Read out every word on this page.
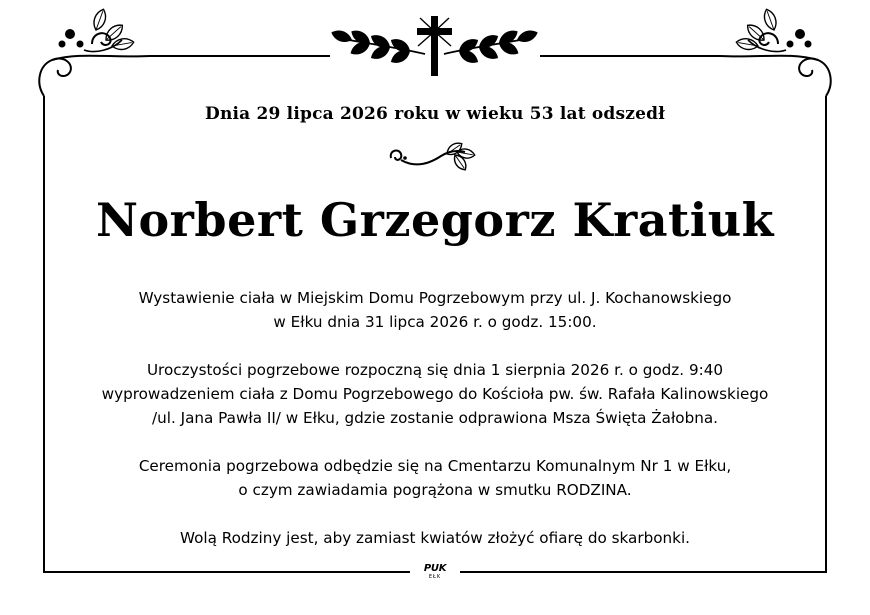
Dnia 29 lipca 2026 roku w wieku 53 lat odszedł

Norbert Grzegorz Kratiuk

Wystawienie ciała w Miejskim Domu Pogrzebowym przy ul. J. Kochanowskiego
w Ełku dnia 31 lipca 2026 r. o godz. 15:00.

Uroczystości pogrzebowe rozpoczną się dnia 1 sierpnia 2026 r. o godz. 9:40
wyprowadzeniem ciała z Domu Pogrzebowego do Kościoła pw. św. Rafała Kalinowskiego
/ul. Jana Pawła II/ w Ełku, gdzie zostanie odprawiona Msza Święta Żałobna.

Ceremonia pogrzebowa odbędzie się na Cmentarzu Komunalnym Nr 1 w Ełku,
o czym zawiadamia pogrążona w smutku RODZINA.

Wolą Rodziny jest, aby zamiast kwiatów złożyć ofiarę do skarbonki.

PUK
EŁK
